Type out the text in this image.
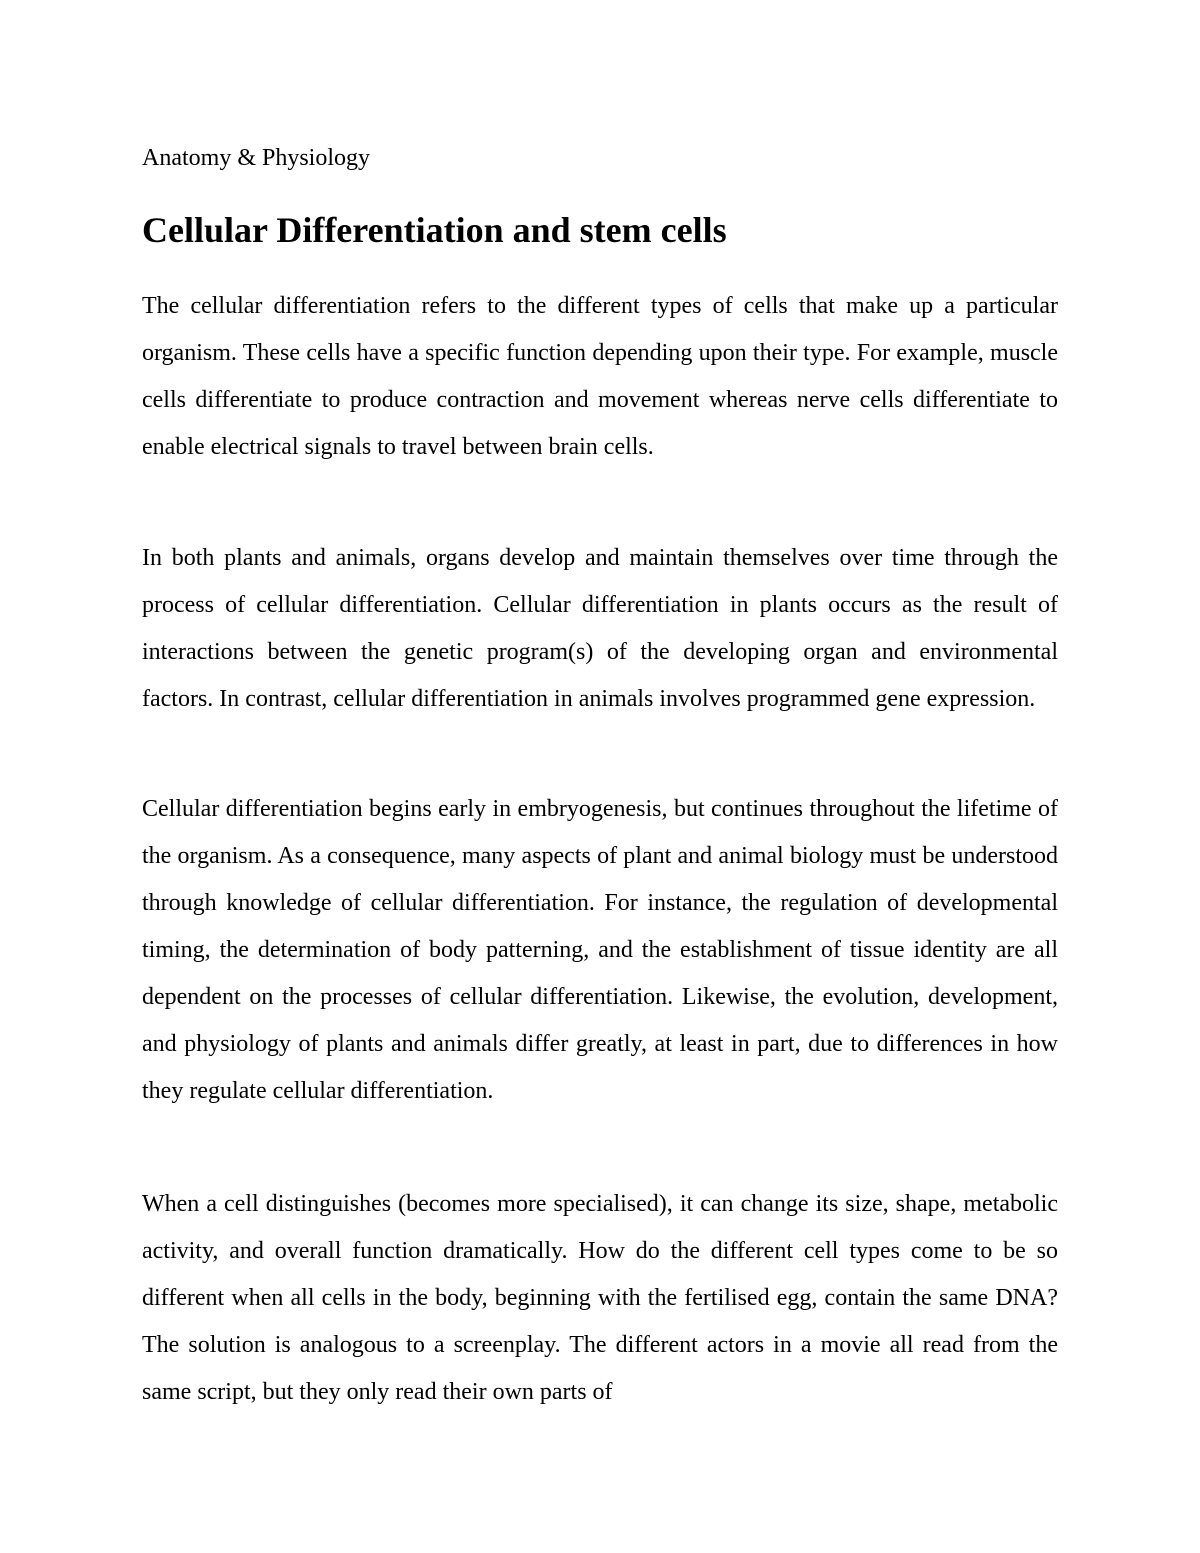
Anatomy & Physiology

Cellular Differentiation and stem cells

The cellular differentiation refers to the different types of cells that make up a particular organism. These cells have a specific function depending upon their type. For example, muscle cells differentiate to produce contraction and movement whereas nerve cells differentiate to enable electrical signals to travel between brain cells.

In both plants and animals, organs develop and maintain themselves over time through the process of cellular differentiation. Cellular differentiation in plants occurs as the result of interactions between the genetic program(s) of the developing organ and environmental factors. In contrast, cellular differentiation in animals involves programmed gene expression.

Cellular differentiation begins early in embryogenesis, but continues throughout the lifetime of the organism. As a consequence, many aspects of plant and animal biology must be understood through knowledge of cellular differentiation. For instance, the regulation of developmental timing, the determination of body patterning, and the establishment of tissue identity are all dependent on the processes of cellular differentiation. Likewise, the evolution, development, and physiology of plants and animals differ greatly, at least in part, due to differences in how they regulate cellular differentiation.

When a cell distinguishes (becomes more specialised), it can change its size, shape, metabolic activity, and overall function dramatically. How do the different cell types come to be so different when all cells in the body, beginning with the fertilised egg, contain the same DNA? The solution is analogous to a screenplay. The different actors in a movie all read from the same script, but they only read their own parts of
